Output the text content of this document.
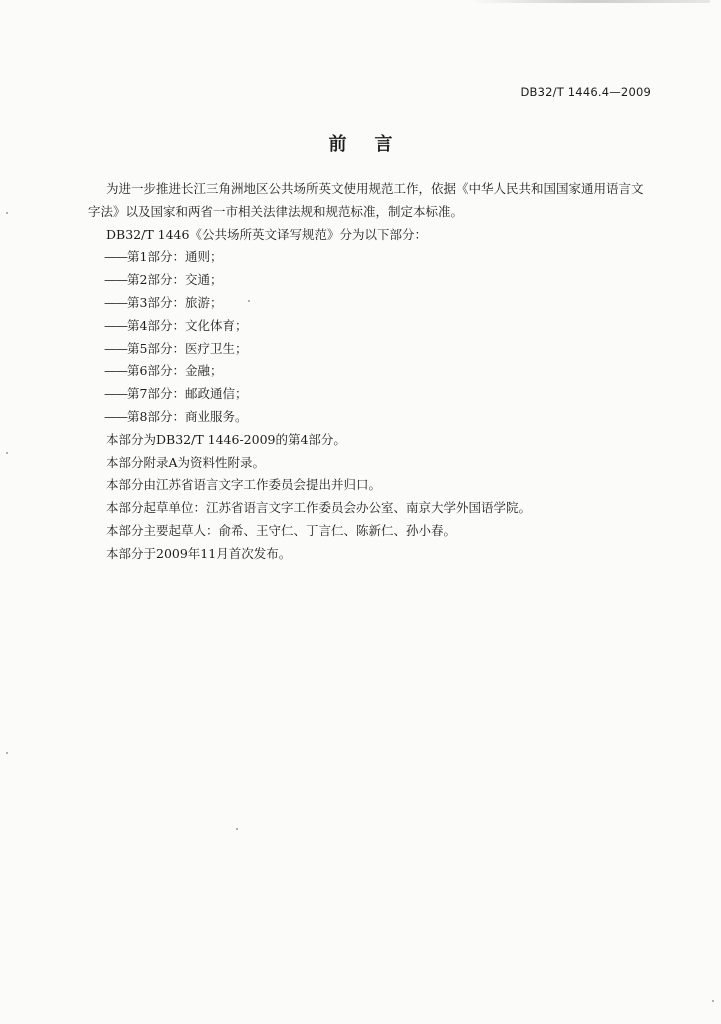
DB32/T 1446.4—2009
前言

为进一步推进长江三角洲地区公共场所英文使用规范工作，依据《中华人民共和国国家通用语言文

字法》以及国家和两省一市相关法律法规和规范标准，制定本标准。

DB32/T 1446《公共场所英文译写规范》分为以下部分：

——第1部分：通则；

——第2部分：交通；

——第3部分：旅游；

——第4部分：文化体育；

——第5部分：医疗卫生；

——第6部分：金融；

——第7部分：邮政通信；

——第8部分：商业服务。

本部分为DB32/T 1446-2009的第4部分。

本部分附录A为资料性附录。

本部分由江苏省语言文字工作委员会提出并归口。

本部分起草单位：江苏省语言文字工作委员会办公室、南京大学外国语学院。

本部分主要起草人：俞希、王守仁、丁言仁、陈新仁、孙小春。

本部分于2009年11月首次发布。
